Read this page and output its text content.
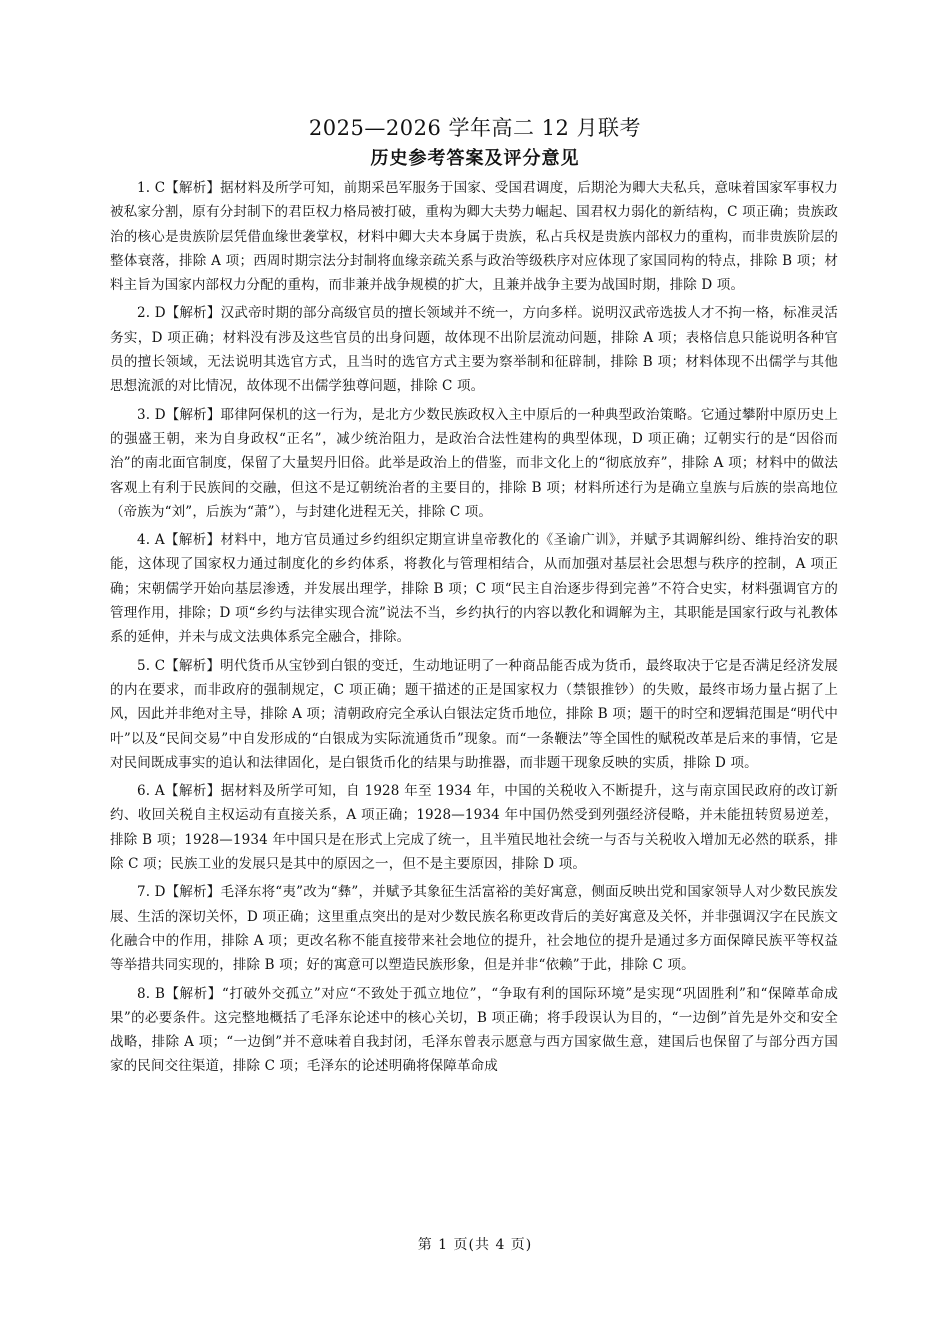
2025—2026 学年高二 12 月联考
历史参考答案及评分意见

1. C【解析】据材料及所学可知，前期采邑军服务于国家、受国君调度，后期沦为卿大夫私兵，意味着国家军事权力被私家分割，原有分封制下的君臣权力格局被打破，重构为卿大夫势力崛起、国君权力弱化的新结构，C 项正确；贵族政治的核心是贵族阶层凭借血缘世袭掌权，材料中卿大夫本身属于贵族，私占兵权是贵族内部权力的重构，而非贵族阶层的整体衰落，排除 A 项；西周时期宗法分封制将血缘亲疏关系与政治等级秩序对应体现了家国同构的特点，排除 B 项；材料主旨为国家内部权力分配的重构，而非兼并战争规模的扩大，且兼并战争主要为战国时期，排除 D 项。

2. D【解析】汉武帝时期的部分高级官员的擅长领域并不统一，方向多样。说明汉武帝选拔人才不拘一格，标准灵活务实，D 项正确；材料没有涉及这些官员的出身问题，故体现不出阶层流动问题，排除 A 项；表格信息只能说明各种官员的擅长领域，无法说明其选官方式，且当时的选官方式主要为察举制和征辟制，排除 B 项；材料体现不出儒学与其他思想流派的对比情况，故体现不出儒学独尊问题，排除 C 项。

3. D【解析】耶律阿保机的这一行为，是北方少数民族政权入主中原后的一种典型政治策略。它通过攀附中原历史上的强盛王朝，来为自身政权“正名”，减少统治阻力，是政治合法性建构的典型体现，D 项正确；辽朝实行的是“因俗而治”的南北面官制度，保留了大量契丹旧俗。此举是政治上的借鉴，而非文化上的“彻底放弃”，排除 A 项；材料中的做法客观上有利于民族间的交融，但这不是辽朝统治者的主要目的，排除 B 项；材料所述行为是确立皇族与后族的崇高地位（帝族为“刘”，后族为“萧”），与封建化进程无关，排除 C 项。

4. A【解析】材料中，地方官员通过乡约组织定期宣讲皇帝教化的《圣谕广训》，并赋予其调解纠纷、维持治安的职能，这体现了国家权力通过制度化的乡约体系，将教化与管理相结合，从而加强对基层社会思想与秩序的控制，A 项正确；宋朝儒学开始向基层渗透，并发展出理学，排除 B 项；C 项“民主自治逐步得到完善”不符合史实，材料强调官方的管理作用，排除；D 项“乡约与法律实现合流”说法不当，乡约执行的内容以教化和调解为主，其职能是国家行政与礼教体系的延伸，并未与成文法典体系完全融合，排除。

5. C【解析】明代货币从宝钞到白银的变迁，生动地证明了一种商品能否成为货币，最终取决于它是否满足经济发展的内在要求，而非政府的强制规定，C 项正确；题干描述的正是国家权力（禁银推钞）的失败，最终市场力量占据了上风，因此并非绝对主导，排除 A 项；清朝政府完全承认白银法定货币地位，排除 B 项；题干的时空和逻辑范围是“明代中叶”以及“民间交易”中自发形成的“白银成为实际流通货币”现象。而“一条鞭法”等全国性的赋税改革是后来的事情，它是对民间既成事实的追认和法律固化，是白银货币化的结果与助推器，而非题干现象反映的实质，排除 D 项。

6. A【解析】据材料及所学可知，自 1928 年至 1934 年，中国的关税收入不断提升，这与南京国民政府的改订新约、收回关税自主权运动有直接关系，A 项正确；1928—1934 年中国仍然受到列强经济侵略，并未能扭转贸易逆差，排除 B 项；1928—1934 年中国只是在形式上完成了统一，且半殖民地社会统一与否与关税收入增加无必然的联系，排除 C 项；民族工业的发展只是其中的原因之一，但不是主要原因，排除 D 项。

7. D【解析】毛泽东将“夷”改为“彝”，并赋予其象征生活富裕的美好寓意，侧面反映出党和国家领导人对少数民族发展、生活的深切关怀，D 项正确；这里重点突出的是对少数民族名称更改背后的美好寓意及关怀，并非强调汉字在民族文化融合中的作用，排除 A 项；更改名称不能直接带来社会地位的提升，社会地位的提升是通过多方面保障民族平等权益等举措共同实现的，排除 B 项；好的寓意可以塑造民族形象，但是并非“依赖”于此，排除 C 项。

8. B【解析】“打破外交孤立”对应“不致处于孤立地位”，“争取有利的国际环境”是实现“巩固胜利”和“保障革命成果”的必要条件。这完整地概括了毛泽东论述中的核心关切，B 项正确；将手段误认为目的，“一边倒”首先是外交和安全战略，排除 A 项；“一边倒”并不意味着自我封闭，毛泽东曾表示愿意与西方国家做生意，建国后也保留了与部分西方国家的民间交往渠道，排除 C 项；毛泽东的论述明确将保障革命成

第 1 页(共 4 页)
